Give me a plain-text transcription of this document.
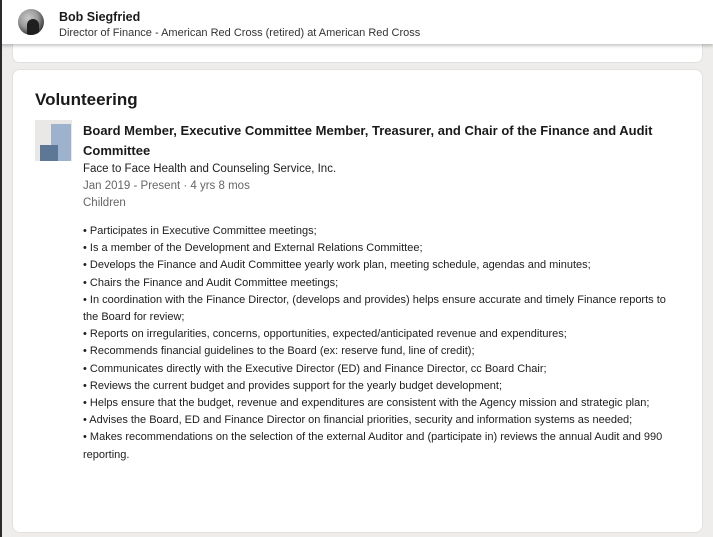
Bob Siegfried
Director of Finance - American Red Cross (retired) at American Red Cross
Volunteering
Board Member, Executive Committee Member, Treasurer, and Chair of the Finance and Audit Committee
Face to Face Health and Counseling Service, Inc.
Jan 2019 - Present · 4 yrs 8 mos
Children
• Participates in Executive Committee meetings;
• Is a member of the Development and External Relations Committee;
• Develops the Finance and Audit Committee yearly work plan, meeting schedule, agendas and minutes;
• Chairs the Finance and Audit Committee meetings;
• In coordination with the Finance Director, (develops and provides) helps ensure accurate and timely Finance reports to the Board for review;
• Reports on irregularities, concerns, opportunities, expected/anticipated revenue and expenditures;
• Recommends financial guidelines to the Board (ex: reserve fund, line of credit);
• Communicates directly with the Executive Director (ED) and Finance Director, cc Board Chair;
• Reviews the current budget and provides support for the yearly budget development;
• Helps ensure that the budget, revenue and expenditures are consistent with the Agency mission and strategic plan;
• Advises the Board, ED and Finance Director on financial priorities, security and information systems as needed;
• Makes recommendations on the selection of the external Auditor and (participate in) reviews the annual Audit and 990 reporting.
